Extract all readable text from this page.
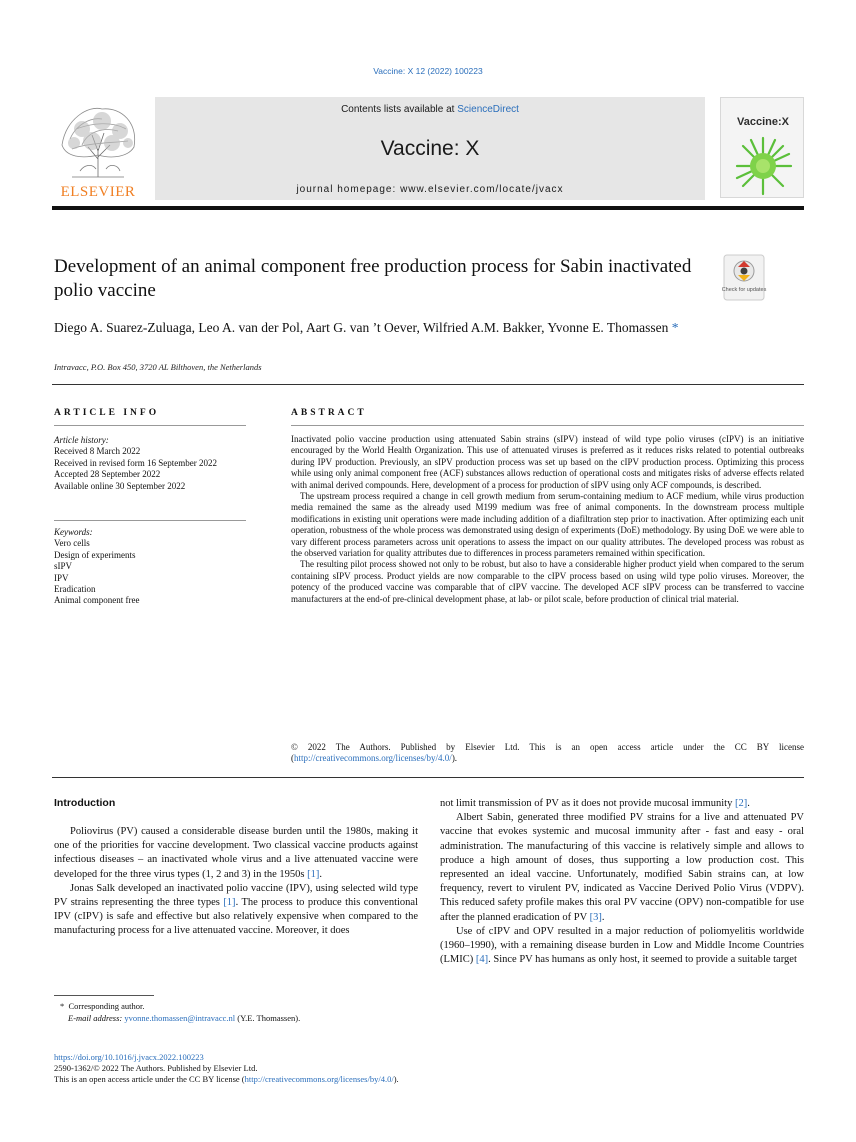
Vaccine: X 12 (2022) 100223
Contents lists available at ScienceDirect
Vaccine: X
journal homepage: www.elsevier.com/locate/jvacx
ELSEVIER
Vaccine:X
Development of an animal component free production process for Sabin inactivated polio vaccine	Check for updates
Diego A. Suarez-Zuluaga, Leo A. van der Pol, Aart G. van ’t Oever, Wilfried A.M. Bakker, Yvonne E. Thomassen *
Intravacc, P.O. Box 450, 3720 AL Bilthoven, the Netherlands
ARTICLE INFO	ABSTRACT
Article history:
Received 8 March 2022
Received in revised form 16 September 2022
Accepted 28 September 2022
Available online 30 September 2022
Keywords:
Vero cells
Design of experiments
sIPV
IPV
Eradication
Animal component free

Inactivated polio vaccine production using attenuated Sabin strains (sIPV) instead of wild type polio viruses (cIPV) is an initiative encouraged by the World Health Organization. This use of attenuated viruses is preferred as it reduces risks related to potential outbreaks during IPV production. Previously, an sIPV production process was set up based on the cIPV production process. Optimizing this process while using only animal component free (ACF) substances allows reduction of operational costs and mitigates risks of adverse effects related with animal derived compounds. Here, development of a process for production of sIPV using only ACF compounds, is described.

The upstream process required a change in cell growth medium from serum-containing medium to ACF medium, while virus production media remained the same as the already used M199 medium was free of animal components. In the downstream process multiple modifications in existing unit operations were made including addition of a diafiltration step prior to inactivation. After optimizing each unit operation, robustness of the whole process was demonstrated using design of experiments (DoE) methodology. By using DoE we were able to vary different process parameters across unit operations to assess the impact on our quality attributes. The developed process was robust as the observed variation for quality attributes due to differences in process parameters remained within specification.

The resulting pilot process showed not only to be robust, but also to have a considerable higher product yield when compared to the serum containing sIPV process. Product yields are now comparable to the cIPV process based on using wild type polio viruses. Moreover, the potency of the produced vaccine was comparable that of cIPV vaccine. The developed ACF sIPV process can be transferred to vaccine manufacturers at the end-of pre-clinical development phase, at lab- or pilot scale, before production of clinical trial material.

© 2022 The Authors. Published by Elsevier Ltd. This is an open access article under the CC BY license (http://creativecommons.org/licenses/by/4.0/).
Introduction

Poliovirus (PV) caused a considerable disease burden until the 1980s, making it one of the priorities for vaccine development. Two classical vaccine products against infectious diseases – an inactivated whole virus and a live attenuated vaccine were developed for the three virus types (1, 2 and 3) in the 1950s [1].

Jonas Salk developed an inactivated polio vaccine (IPV), using selected wild type PV strains representing the three types [1]. The process to produce this conventional IPV (cIPV) is safe and effective but also relatively expensive when compared to the manufacturing process for a live attenuated vaccine. Moreover, it does

not limit transmission of PV as it does not provide mucosal immunity [2].

Albert Sabin, generated three modified PV strains for a live and attenuated PV vaccine that evokes systemic and mucosal immunity after - fast and easy - oral administration. The manufacturing of this vaccine is relatively simple and allows to produce a high amount of doses, thus supporting a low production cost. This represented an ideal vaccine. Unfortunately, modified Sabin strains can, at low frequency, revert to virulent PV, indicated as Vaccine Derived Polio Virus (VDPV). This reduced safety profile makes this oral PV vaccine (OPV) non-compatible for use after the planned eradication of PV [3].

Use of cIPV and OPV resulted in a major reduction of poliomyelitis worldwide (1960–1990), with a remaining disease burden in Low and Middle Income Countries (LMIC) [4]. Since PV has humans as only host, it seemed to provide a suitable target

* Corresponding author.
E-mail address: yvonne.thomassen@intravacc.nl (Y.E. Thomassen).
https://doi.org/10.1016/j.jvacx.2022.100223
2590-1362/© 2022 The Authors. Published by Elsevier Ltd.
This is an open access article under the CC BY license (http://creativecommons.org/licenses/by/4.0/).
